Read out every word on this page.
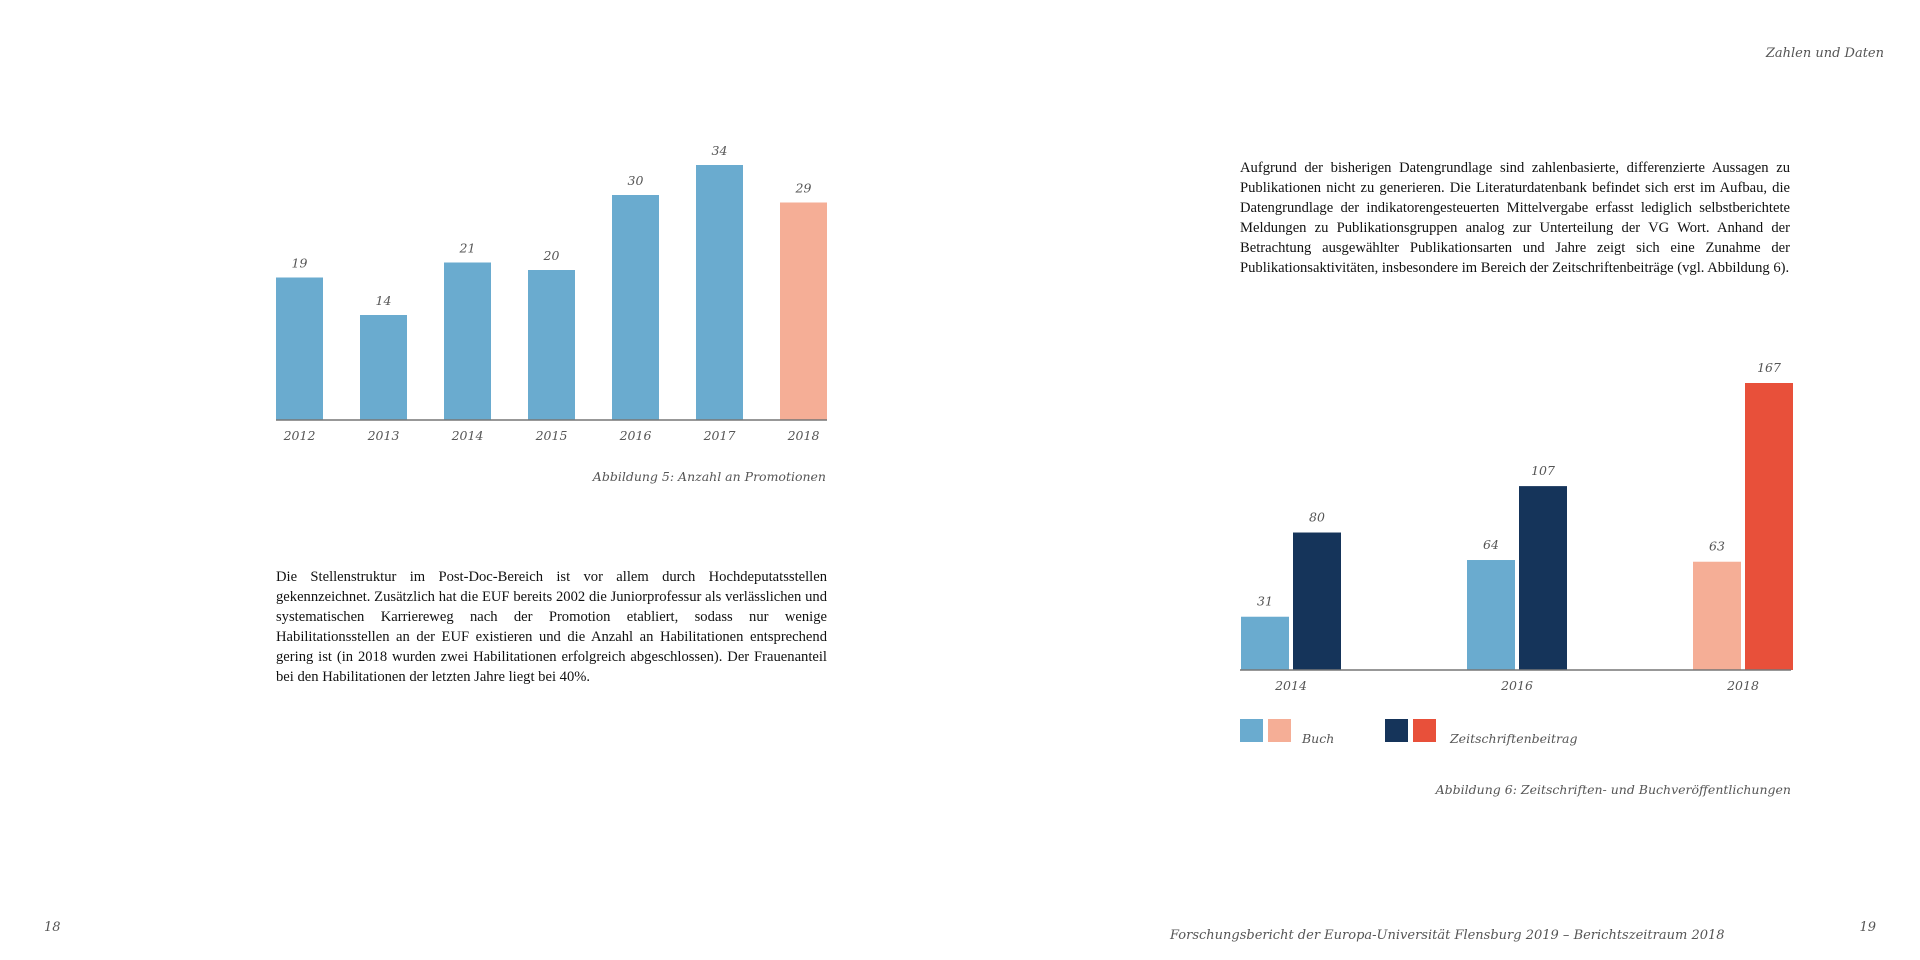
Zahlen und Daten
18	19
Forschungsbericht der Europa-Universität Flensburg 2019 – Berichtszeitraum 2018
19
14
21	20
30
34
29
2012	2013	2014	2015	2016	2017	2018
Abbildung 5: Anzahl an Promotionen

Die Stellenstruktur im Post-Doc-Bereich ist vor allem durch Hochdeputatsstellen gekennzeichnet. Zusätzlich hat die EUF bereits 2002 die Juniorprofessur als verlässlichen und systematischen Karriereweg nach der Promotion etabliert, sodass nur wenige Habilitationsstellen an der EUF existieren und die Anzahl an Habilitationen entsprechend gering ist (in 2018 wurden zwei Habilitationen erfolgreich abgeschlossen). Der Frauenanteil bei den Habilitationen der letzten Jahre liegt bei 40%.

Aufgrund der bisherigen Datengrundlage sind zahlenbasierte, differenzierte Aussagen zu Publikationen nicht zu generieren. Die Literaturdatenbank befindet sich erst im Aufbau, die Datengrundlage der indikatorengesteuerten Mittelvergabe erfasst lediglich selbstberichtete Meldungen zu Publikationsgruppen analog zur Unterteilung der VG Wort. Anhand der Betrachtung ausgewählter Publikationsarten und Jahre zeigt sich eine Zunahme der Publikationsaktivitäten, insbesondere im Bereich der Zeitschriftenbeiträge (vgl. Abbildung 6).

31
80
64
107
63
167
2014	2016	2018
Buch	Zeitschriftenbeitrag
Abbildung 6: Zeitschriften- und Buchveröffentlichungen
